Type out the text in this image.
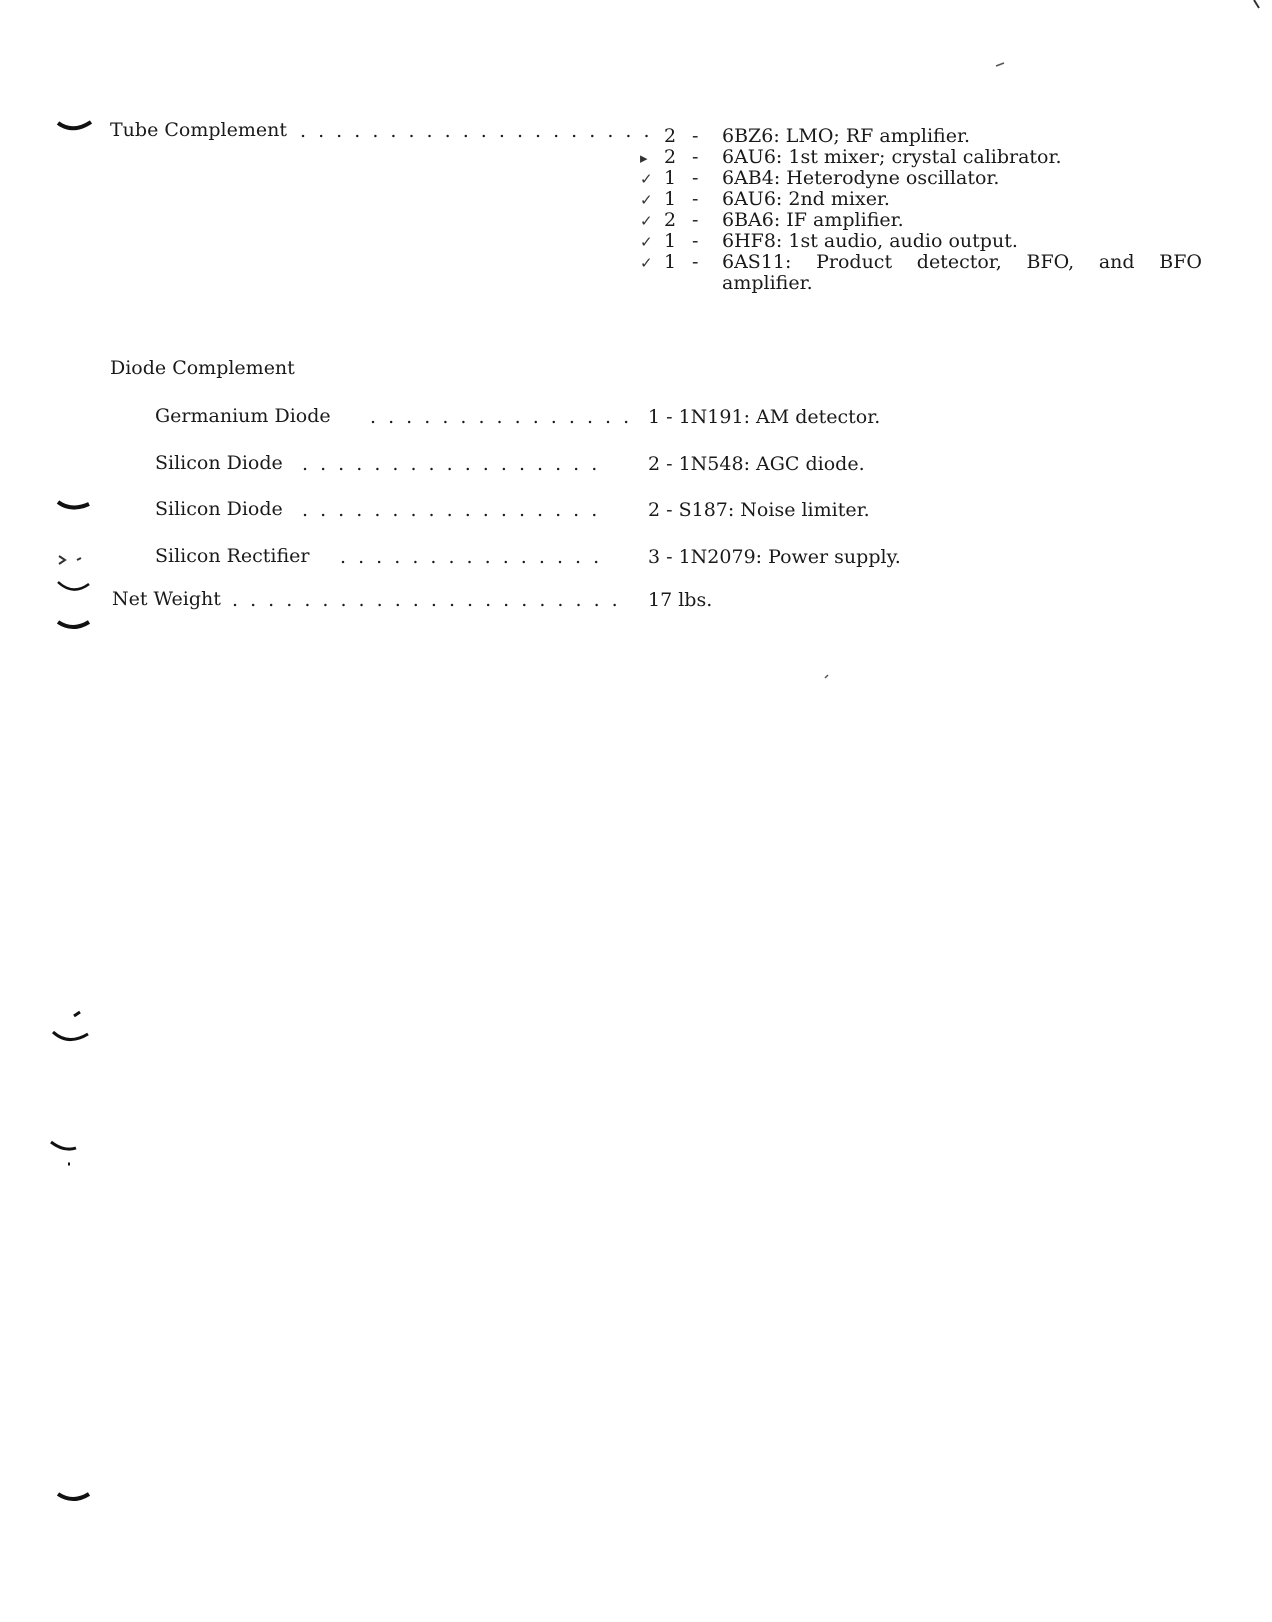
Tube Complement . . . . . . . . . . . . . . . . . . . . 2 - 6BZ6: LMO; RF amplifier.
▸ 2 - 6AU6: 1st mixer; crystal calibrator.
✓ 1 - 6AB4: Heterodyne oscillator.
✓ 1 - 6AU6: 2nd mixer.
✓ 2 - 6BA6: IF amplifier.
✓ 1 - 6HF8: 1st audio, audio output.
✓ 1 - 6AS11: Product detector, BFO, and BFO amplifier.
Diode Complement
Germanium Diode . . . . . . . . . . . . . . . 1 - 1N191: AM detector.
Silicon Diode . . . . . . . . . . . . . . . . .	2 - 1N548: AGC diode.
Silicon Diode . . . . . . . . . . . . . . . . .	2 - S187: Noise limiter.
Silicon Rectifier . . . . . . . . . . . . . . . 3 - 1N2079: Power supply.
Net Weight . . . . . . . . . . . . . . . . . . . . . . 17 lbs.
